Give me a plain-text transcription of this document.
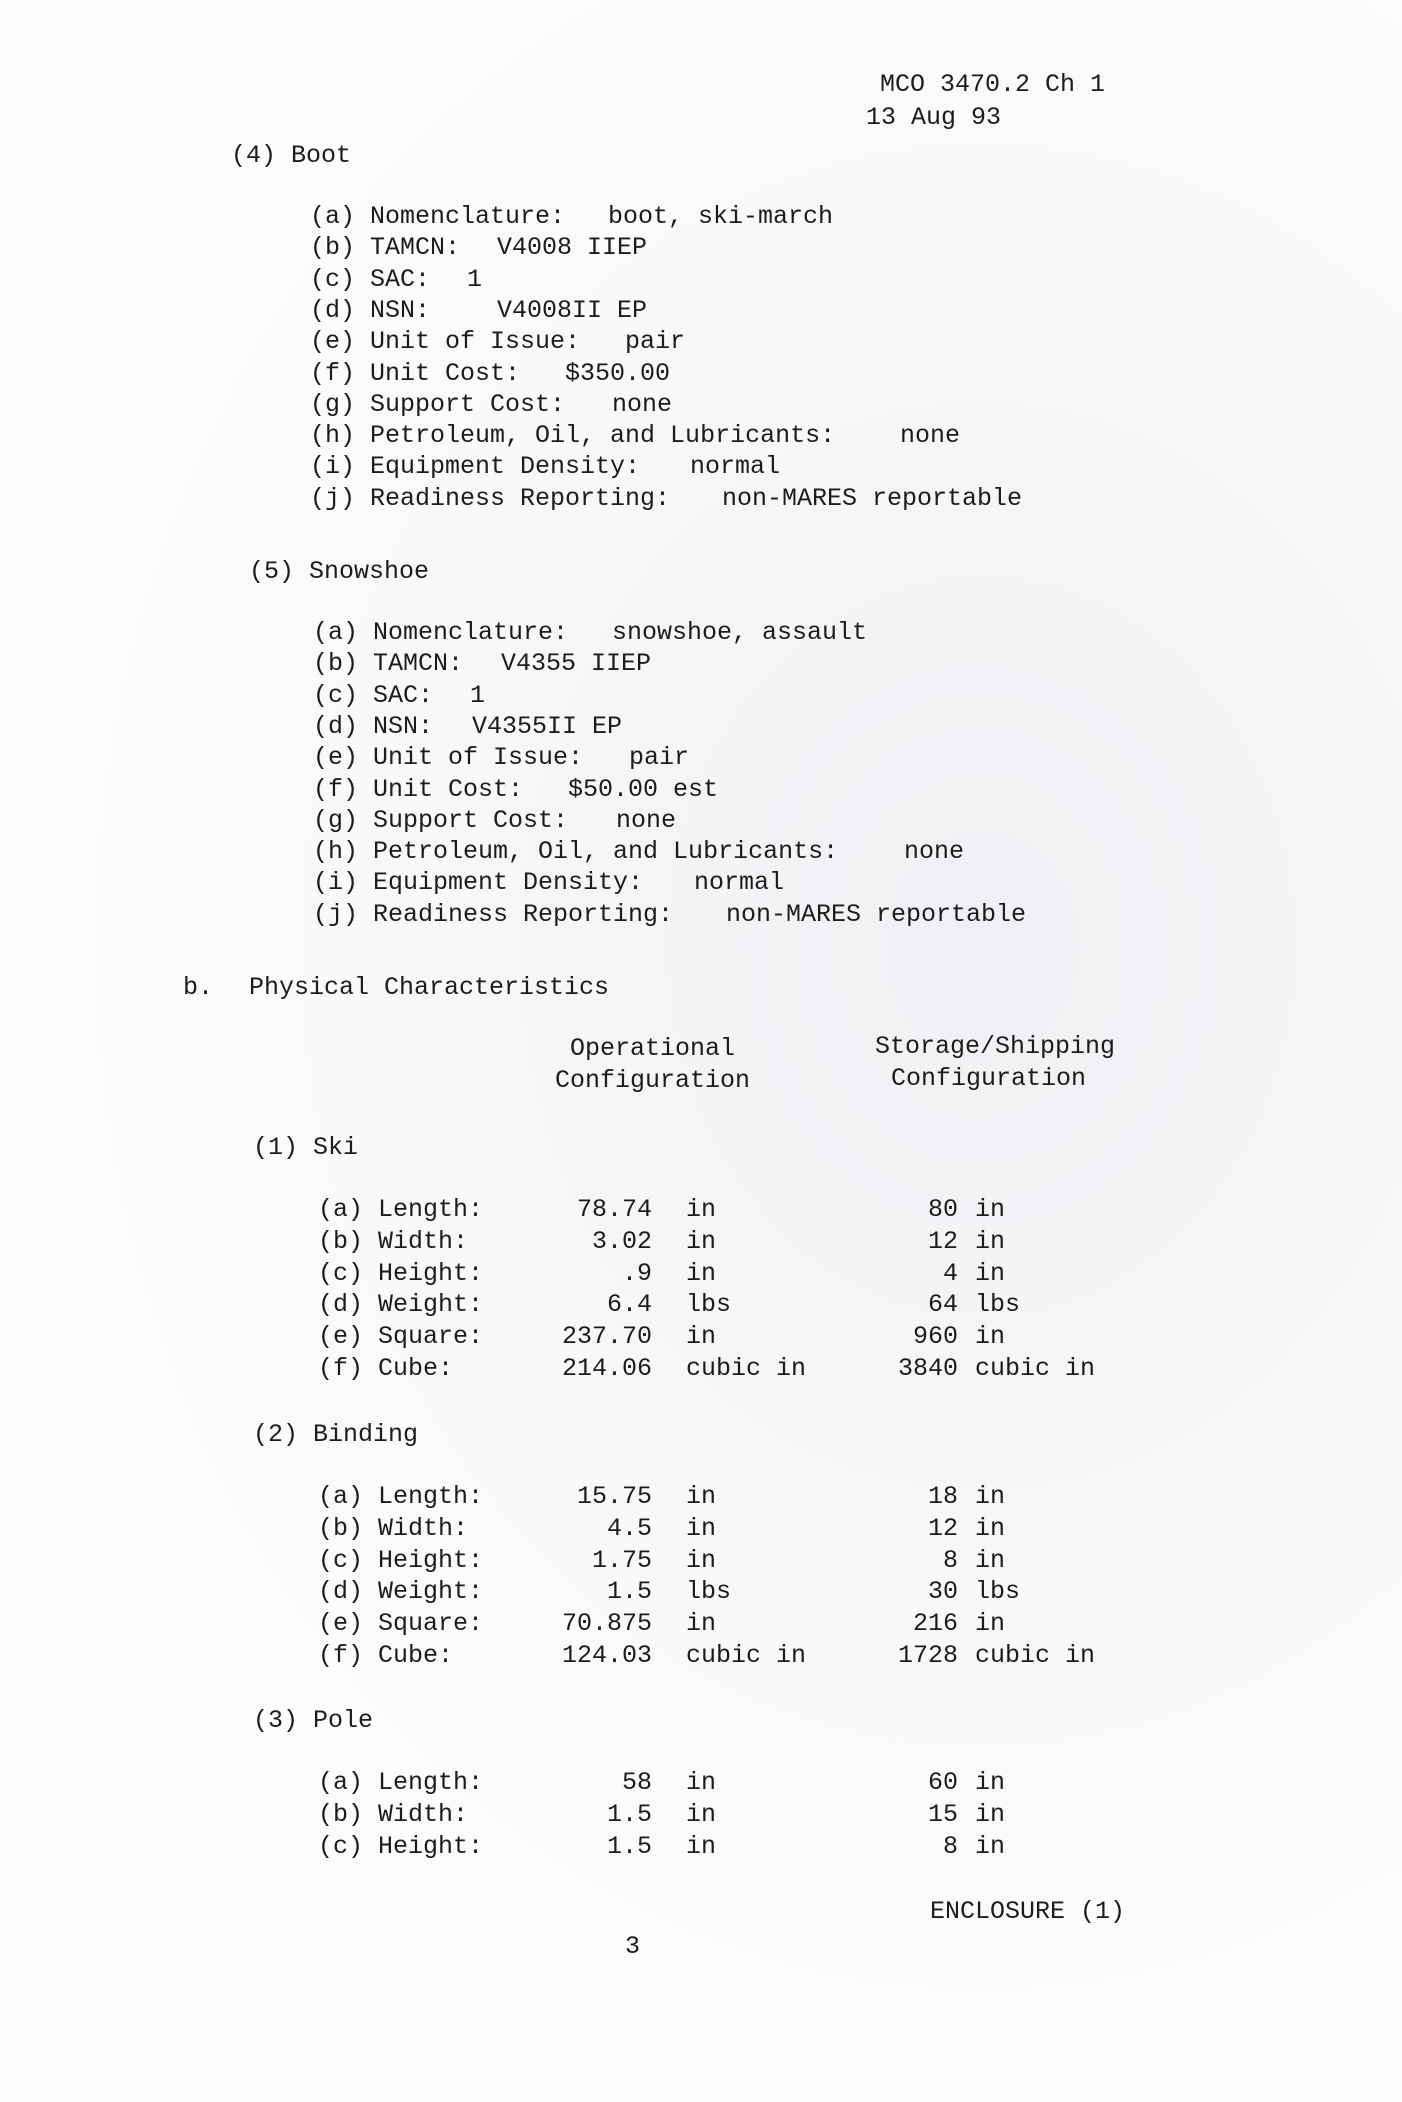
MCO 3470.2 Ch 1
13 Aug 93
(4) Boot
(a) Nomenclature: boot, ski-march
(b) TAMCN: V4008 IIEP
(c) SAC: 1
(d) NSN:	V4008II EP
(e) Unit of Issue: pair
(f) Unit Cost: $350.00
(g) Support Cost: none
(h) Petroleum, Oil, and Lubricants:	none
(i) Equipment Density: normal
(j) Readiness Reporting: non-MARES reportable
(5) Snowshoe
(a) Nomenclature: snowshoe, assault
(b) TAMCN: V4355 IIEP
(c) SAC: 1
(d) NSN: V4355II EP
(e) Unit of Issue: pair
(f) Unit Cost: $50.00 est
(g) Support Cost: none
(h) Petroleum, Oil, and Lubricants:	none
(i) Equipment Density: normal
(j) Readiness Reporting: non-MARES reportable
b. Physical Characteristics
Operational
Configuration
Storage/Shipping
Configuration
(1) Ski
(a) Length:	78.74 in	80 in
(b) Width:	3.02 in	12 in
(c) Height:	.9 in	4 in
(d) Weight:	6.4 lbs	64 lbs
(e) Square:	237.70 in	960 in
(f) Cube:	214.06 cubic in	3840 cubic in
(2) Binding
(a) Length:	15.75 in	18 in
(b) Width:	4.5 in	12 in
(c) Height:	1.75 in	8 in
(d) Weight:	1.5 lbs	30 lbs
(e) Square:	70.875 in	216 in
(f) Cube:	124.03 cubic in	1728 cubic in
(3) Pole
(a) Length:	58 in	60 in
(b) Width:	1.5 in	15 in
(c) Height:	1.5 in	8 in
ENCLOSURE (1)
3
